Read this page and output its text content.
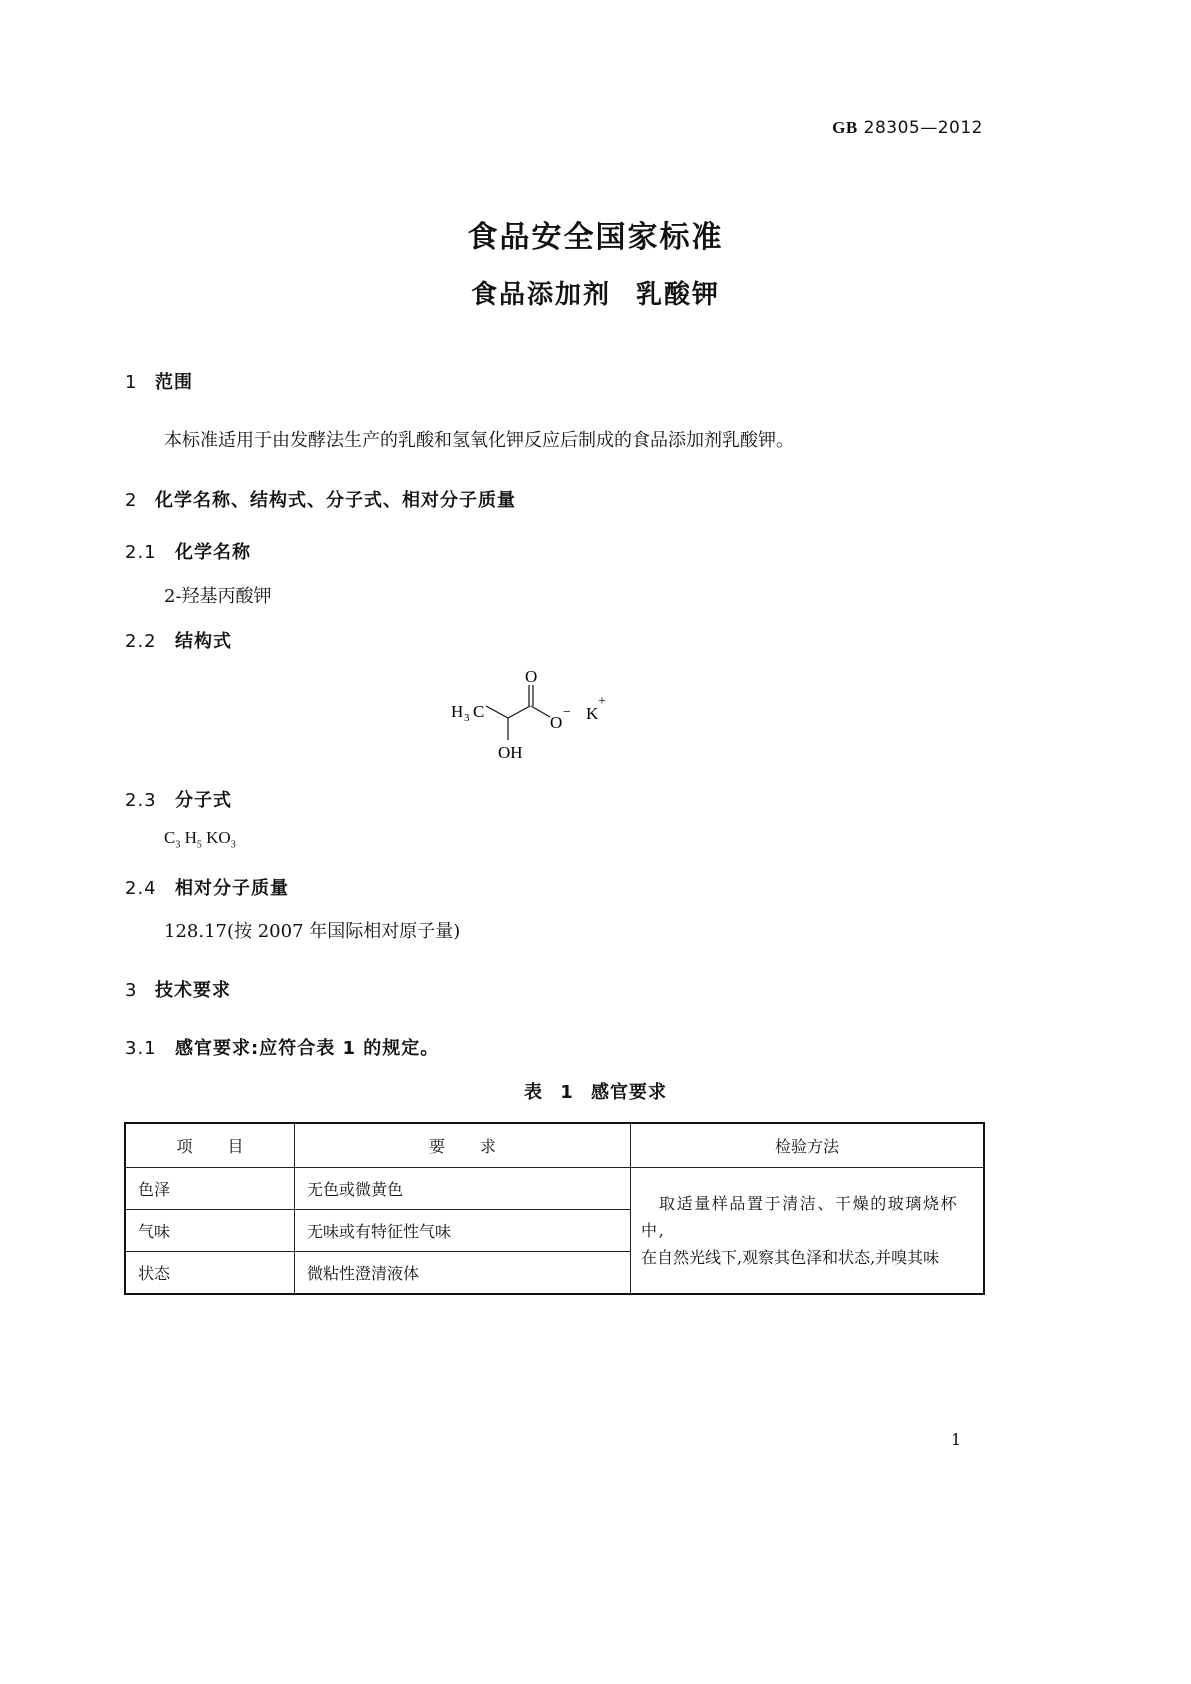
GB 28305—2012
食品安全国家标准
食品添加剂 乳酸钾
1 范围
本标准适用于由发酵法生产的乳酸和氢氧化钾反应后制成的食品添加剂乳酸钾。
2 化学名称、结构式、分子式、相对分子质量
2.1 化学名称
2-羟基丙酸钾
2.2 结构式
H 3 C
O
O
− K
+
OH
2.3 分子式
$C_3$ $H_5$ $KO_3$
2.4 相对分子质量
128.17(按 2007 年国际相对原子量)
3 技术要求
3.1 感官要求:应符合表 1 的规定。
表 1 感官要求
项 目	要 求	检验方法
色泽	无色或微黄色	取适量样品置于清洁、干燥的玻璃烧杯中,
在自然光线下,观察其色泽和状态,并嗅其味

气味	无味或有特征性气味	
状态	微粘性澄清液体	
1
